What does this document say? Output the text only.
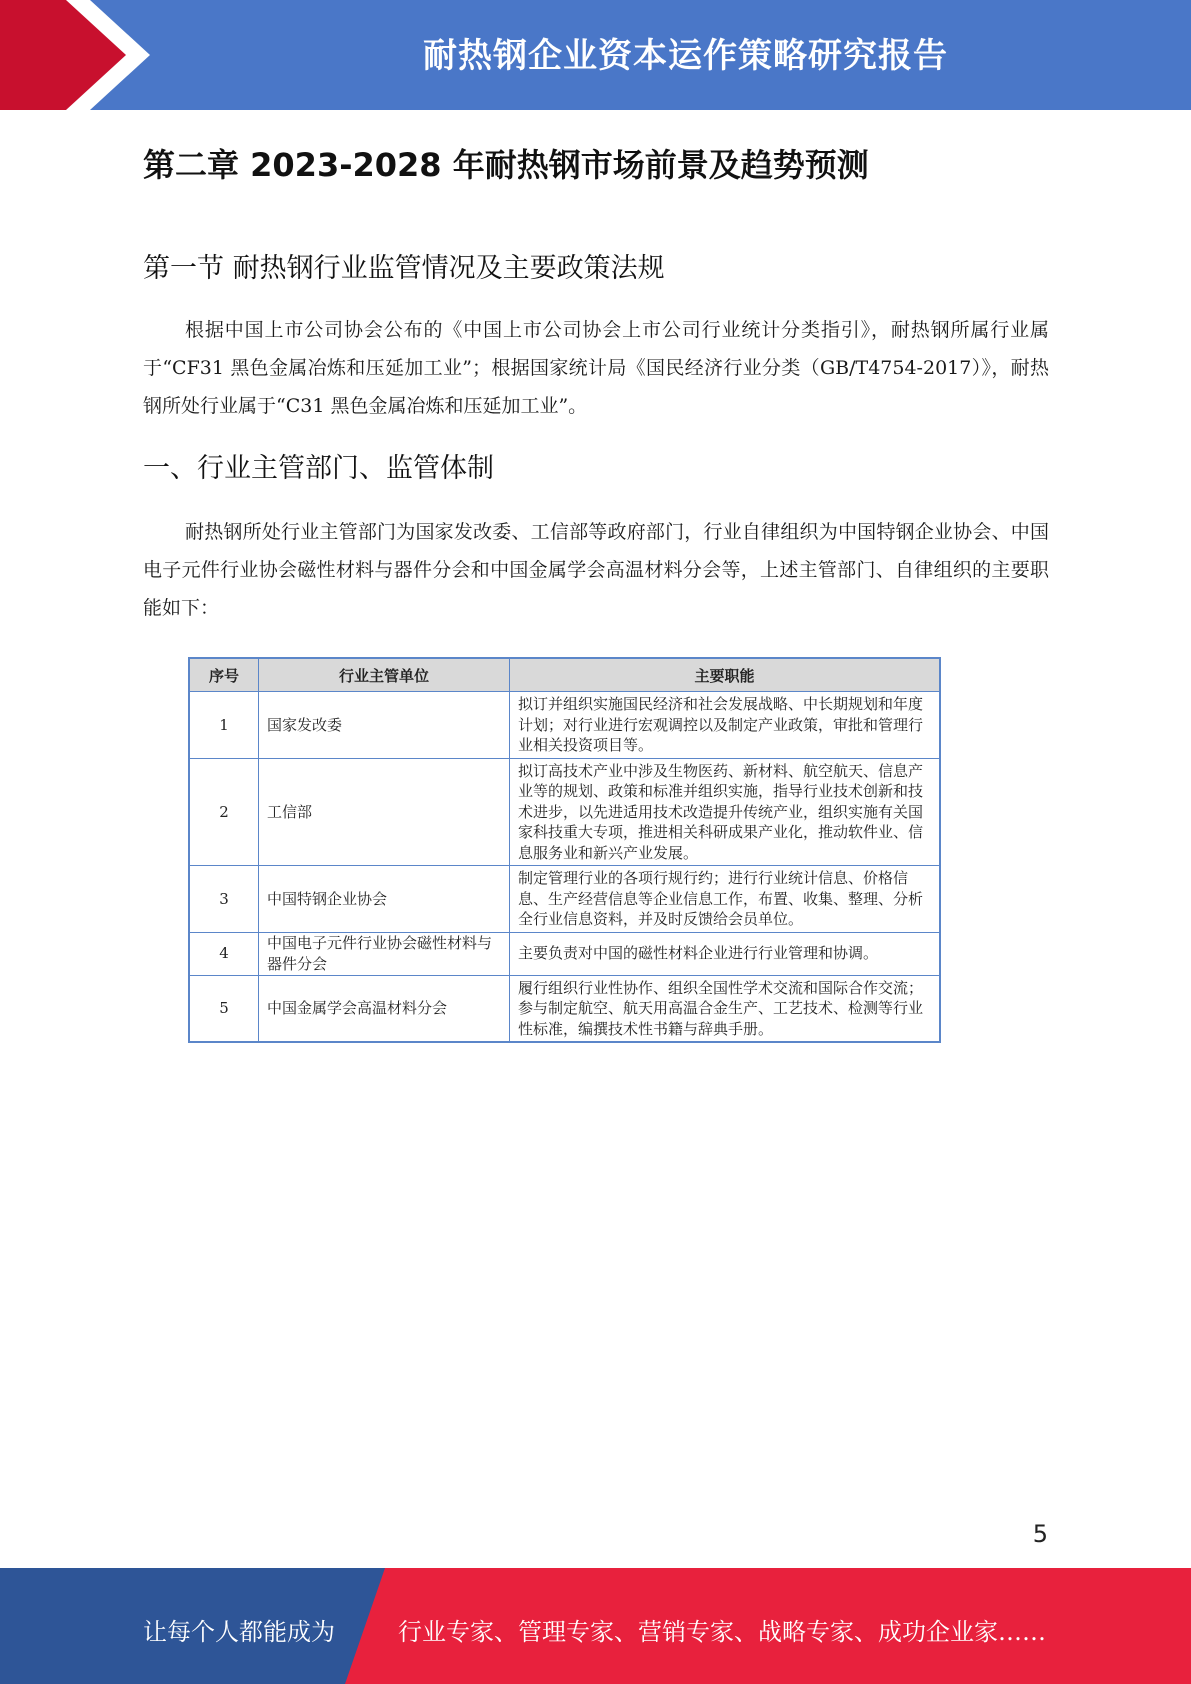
耐热钢企业资本运作策略研究报告
第二章 2023-2028 年耐热钢市场前景及趋势预测
第一节 耐热钢行业监管情况及主要政策法规
根据中国上市公司协会公布的《中国上市公司协会上市公司行业统计分类指引》，耐热钢所属行业属于“CF31 黑色金属冶炼和压延加工业”；根据国家统计局《国民经济行业分类（GB/T4754-2017）》，耐热钢所处行业属于“C31 黑色金属冶炼和压延加工业”。
一、行业主管部门、监管体制
耐热钢所处行业主管部门为国家发改委、工信部等政府部门，行业自律组织为中国特钢企业协会、中国电子元件行业协会磁性材料与器件分会和中国金属学会高温材料分会等，上述主管部门、自律组织的主要职能如下：
序号	行业主管单位	主要职能
1	国家发改委	拟订并组织实施国民经济和社会发展战略、中长期规划和年度计划；对行业进行宏观调控以及制定产业政策，审批和管理行业相关投资项目等。
2	工信部	拟订高技术产业中涉及生物医药、新材料、航空航天、信息产业等的规划、政策和标准并组织实施，指导行业技术创新和技术进步，以先进适用技术改造提升传统产业，组织实施有关国家科技重大专项，推进相关科研成果产业化，推动软件业、信息服务业和新兴产业发展。
3	中国特钢企业协会	制定管理行业的各项行规行约；进行行业统计信息、价格信息、生产经营信息等企业信息工作，布置、收集、整理、分析全行业信息资料，并及时反馈给会员单位。
4	中国电子元件行业协会磁性材料与器件分会	主要负责对中国的磁性材料企业进行行业管理和协调。
5	中国金属学会高温材料分会	履行组织行业性协作、组织全国性学术交流和国际合作交流；参与制定航空、航天用高温合金生产、工艺技术、检测等行业性标准，编撰技术性书籍与辞典手册。
5
让每个人都能成为	行业专家、管理专家、营销专家、战略专家、成功企业家……
